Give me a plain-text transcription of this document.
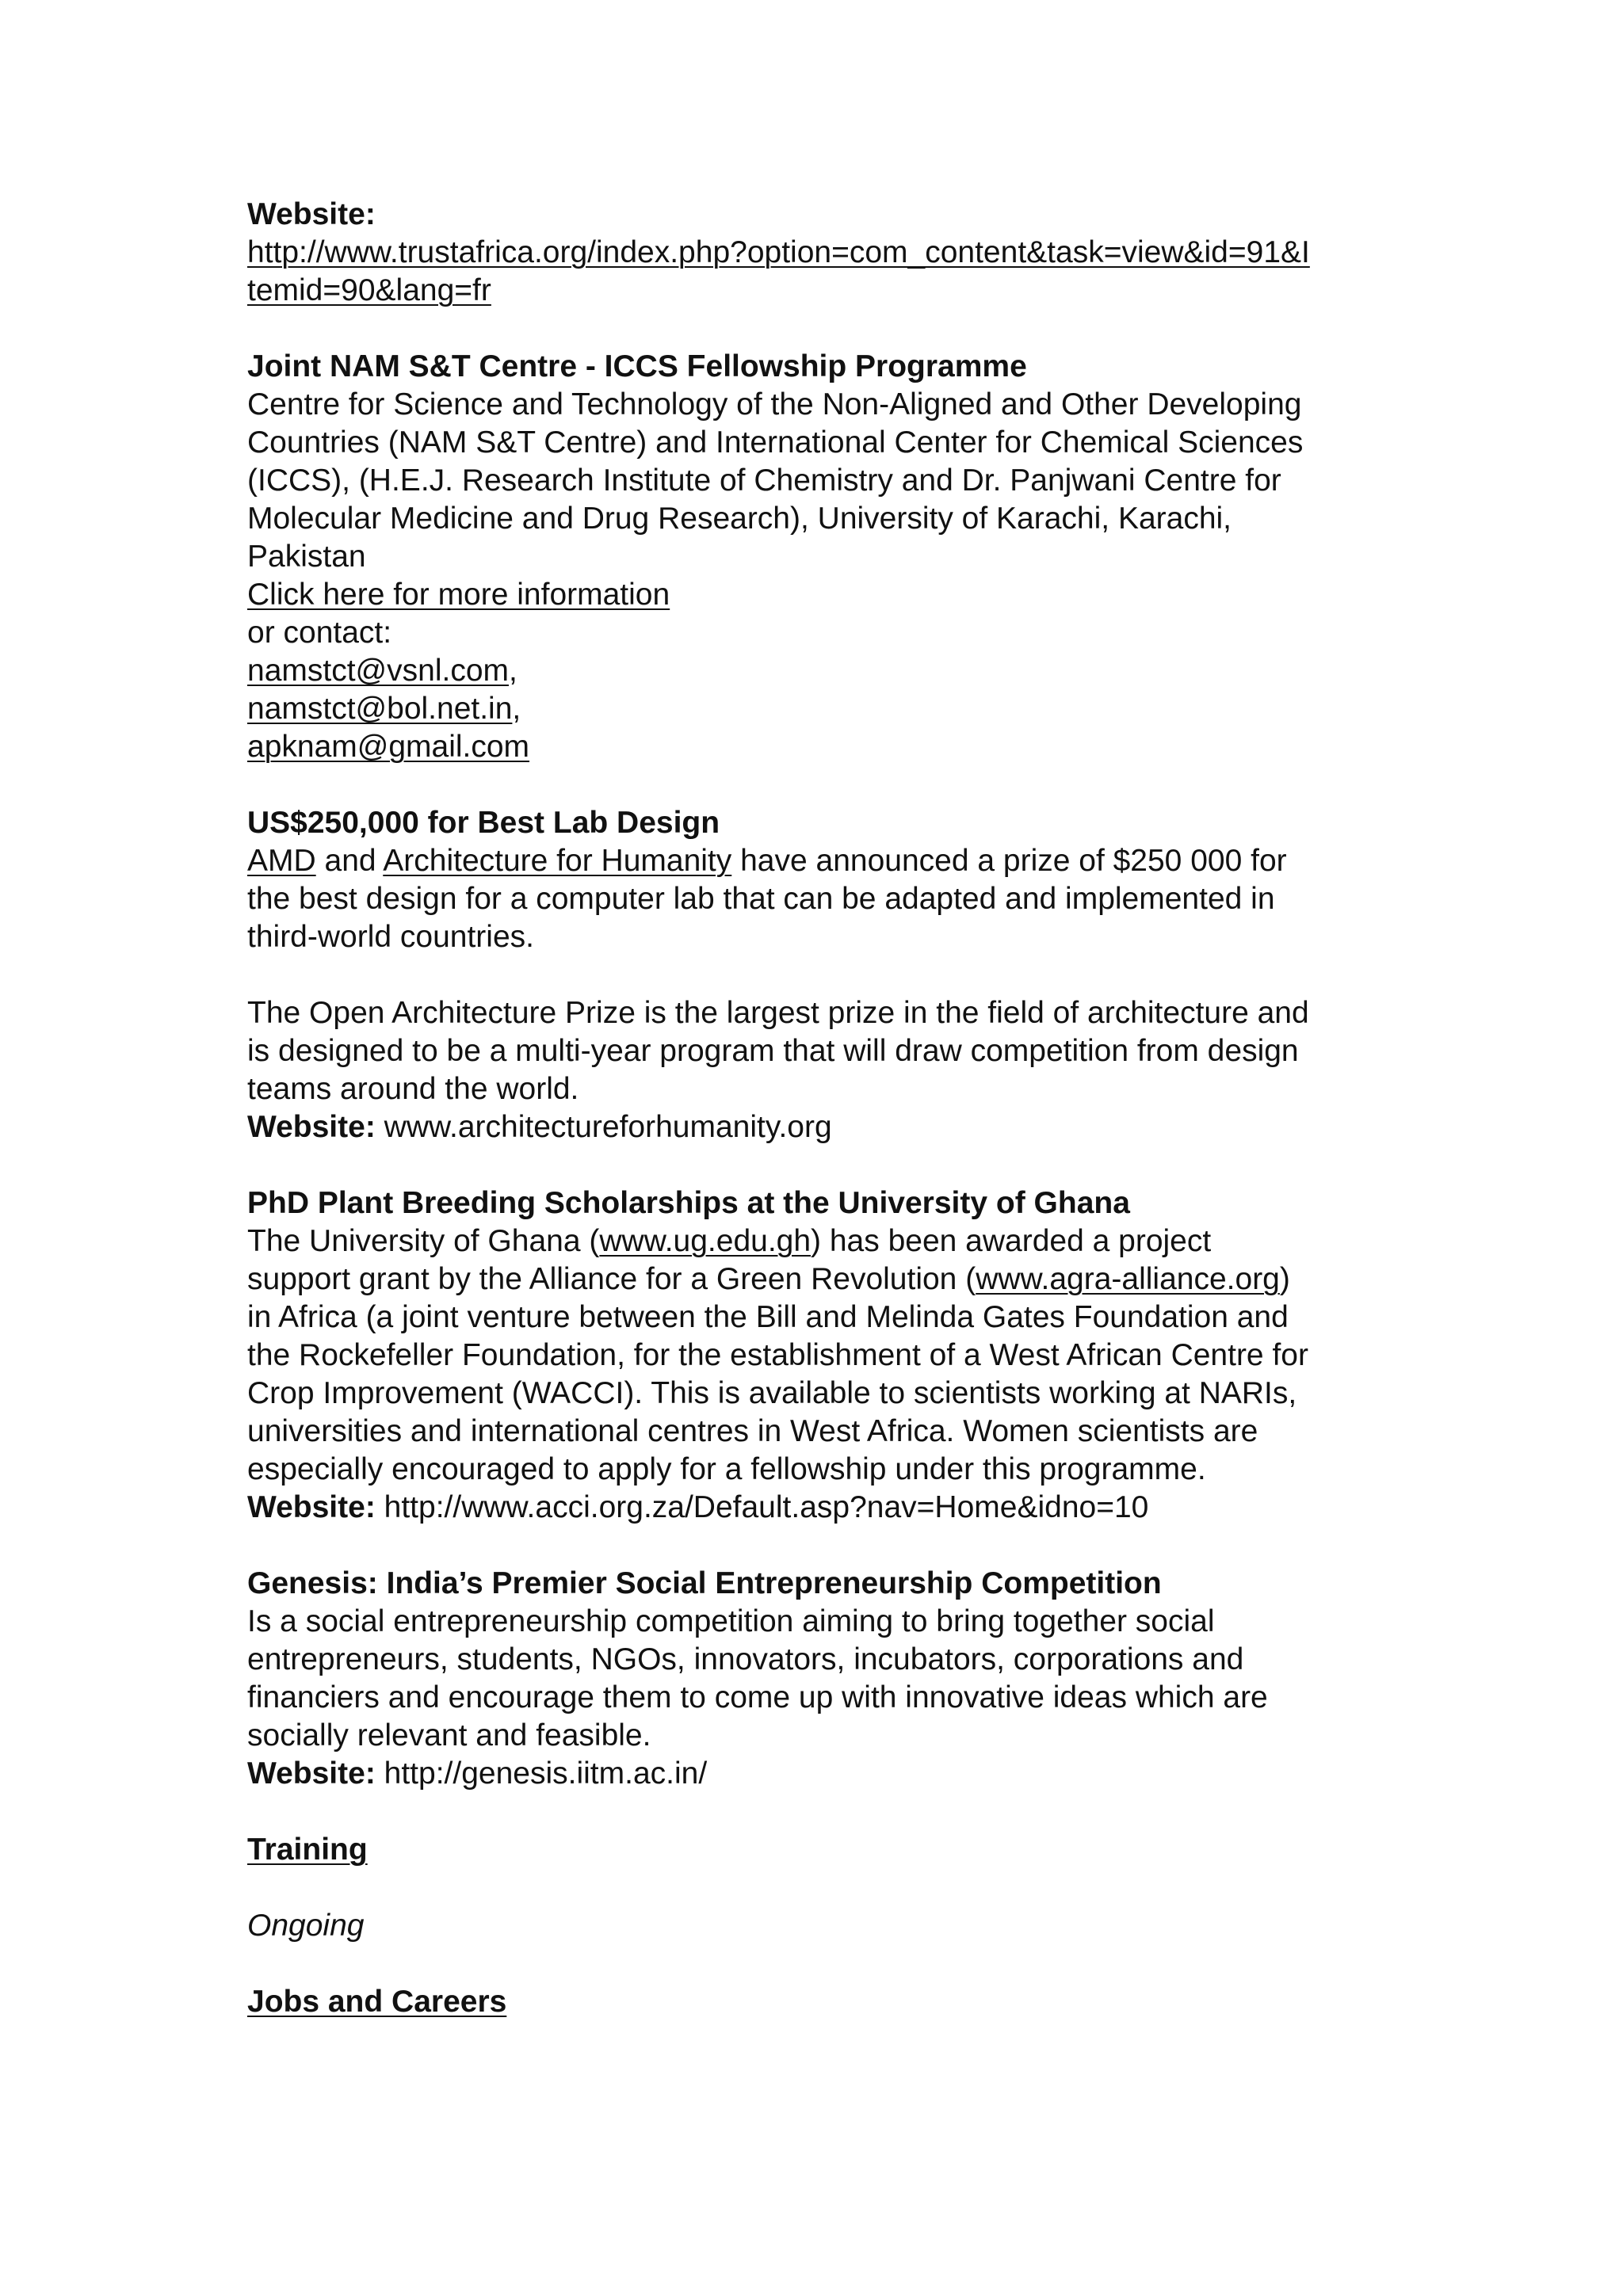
Website:
http://www.trustafrica.org/index.php?option=com_content&task=view&id=91&I
temid=90&lang=fr
Joint NAM S&T Centre - ICCS Fellowship Programme
Centre for Science and Technology of the Non-Aligned and Other Developing
Countries (NAM S&T Centre) and International Center for Chemical Sciences
(ICCS), (H.E.J. Research Institute of Chemistry and Dr. Panjwani Centre for
Molecular Medicine and Drug Research), University of Karachi, Karachi,
Pakistan
Click here for more information
or contact:
namstct@vsnl.com,
namstct@bol.net.in,
apknam@gmail.com
US$250,000 for Best Lab Design
AMD and Architecture for Humanity have announced a prize of $250 000 for
the best design for a computer lab that can be adapted and implemented in
third-world countries.
The Open Architecture Prize is the largest prize in the field of architecture and
is designed to be a multi-year program that will draw competition from design
teams around the world.
Website: www.architectureforhumanity.org
PhD Plant Breeding Scholarships at the University of Ghana
The University of Ghana (www.ug.edu.gh) has been awarded a project
support grant by the Alliance for a Green Revolution (www.agra-alliance.org)
in Africa (a joint venture between the Bill and Melinda Gates Foundation and
the Rockefeller Foundation, for the establishment of a West African Centre for
Crop Improvement (WACCI). This is available to scientists working at NARIs,
universities and international centres in West Africa. Women scientists are
especially encouraged to apply for a fellowship under this programme.
Website: http://www.acci.org.za/Default.asp?nav=Home&idno=10
Genesis: India’s Premier Social Entrepreneurship Competition
Is a social entrepreneurship competition aiming to bring together social
entrepreneurs, students, NGOs, innovators, incubators, corporations and
financiers and encourage them to come up with innovative ideas which are
socially relevant and feasible.
Website: http://genesis.iitm.ac.in/
Training
Ongoing
Jobs and Careers
